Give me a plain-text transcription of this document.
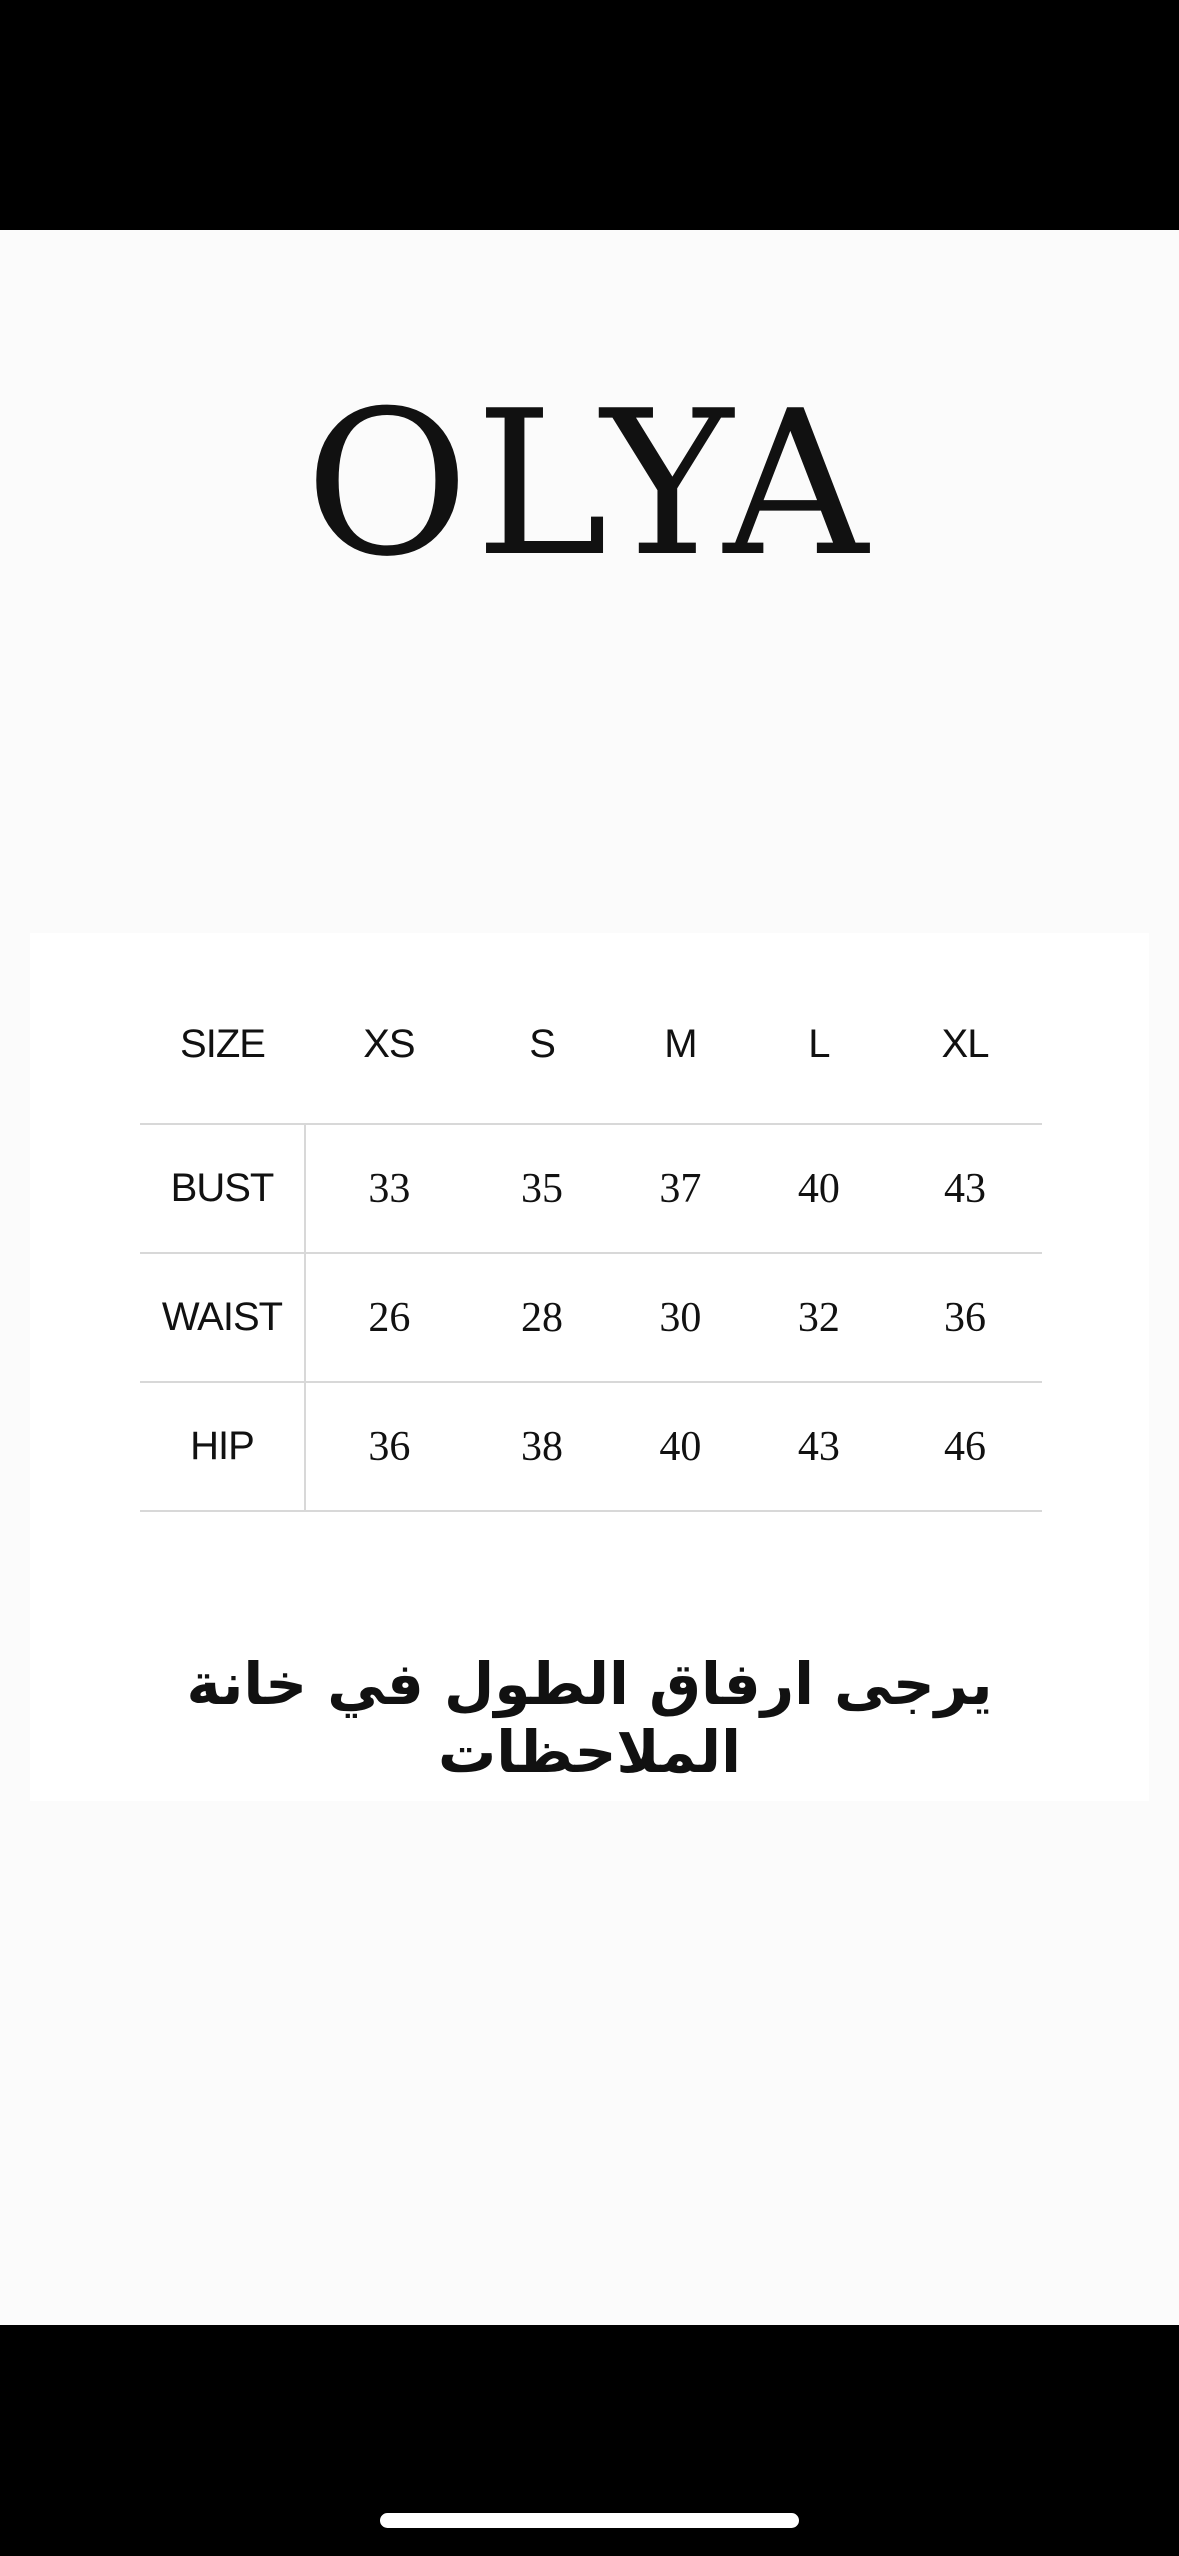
OLYA
SIZE	XS	S	M	L	XL
BUST	33	35	37	40	43
WAIST	26	28	30	32	36
HIP	36	38	40	43	46
يرجى ارفاق الطول في خانة الملاحظات
